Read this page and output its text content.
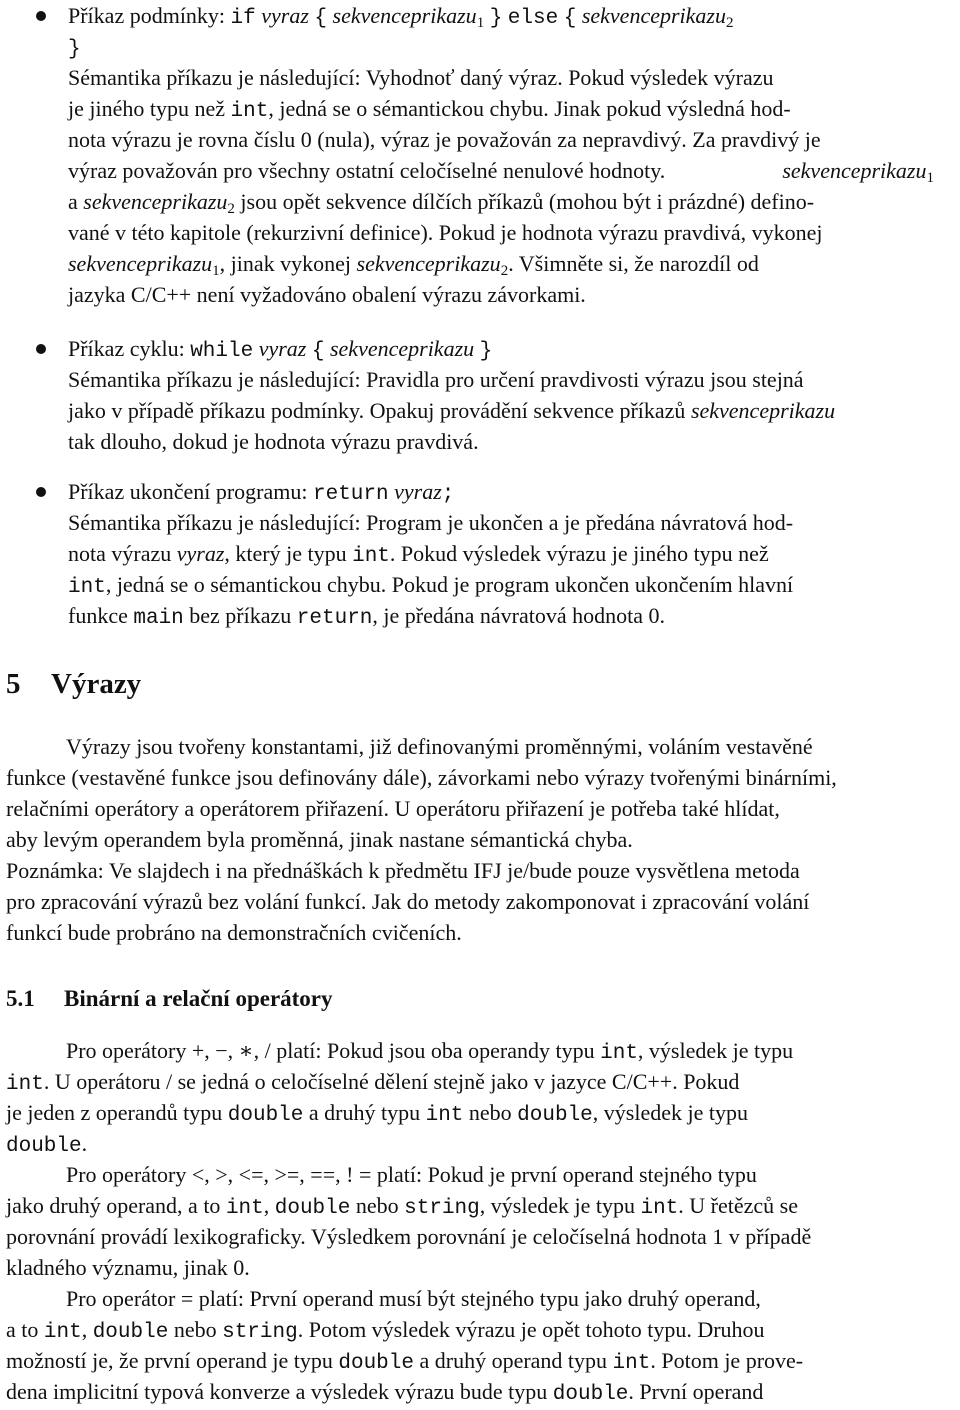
Příkaz podmínky: if vyraz { sekvenceprikazu$_1$ } else { sekvenceprikazu$_2$
}
Sémantika příkazu je následující: Vyhodnoť daný výraz. Pokud výsledek výrazu
je jiného typu než int, jedná se o sémantickou chybu. Jinak pokud výsledná hod-
nota výrazu je rovna číslu 0 (nula), výraz je považován za nepravdivý. Za pravdivý je
výraz považován pro všechny ostatní celočíselné nenulové hodnoty.	sekvenceprikazu$_1$
a sekvenceprikazu$_2$ jsou opět sekvence dílčích příkazů (mohou být i prázdné) defino-
vané v této kapitole (rekurzivní definice). Pokud je hodnota výrazu pravdivá, vykonej
sekvenceprikazu$_1$, jinak vykonej sekvenceprikazu$_2$. Všimněte si, že narozdíl od
jazyka C/C++ není vyžadováno obalení výrazu závorkami.
Příkaz cyklu: while vyraz { sekvenceprikazu }
Sémantika příkazu je následující: Pravidla pro určení pravdivosti výrazu jsou stejná
jako v případě příkazu podmínky. Opakuj provádění sekvence příkazů sekvenceprikazu
tak dlouho, dokud je hodnota výrazu pravdivá.
Příkaz ukončení programu: return vyraz;
Sémantika příkazu je následující: Program je ukončen a je předána návratová hod-
nota výrazu vyraz, který je typu int. Pokud výsledek výrazu je jiného typu než
int, jedná se o sémantickou chybu. Pokud je program ukončen ukončením hlavní
funkce main bez příkazu return, je předána návratová hodnota 0.
5 Výrazy
Výrazy jsou tvořeny konstantami, již definovanými proměnnými, voláním vestavěné
funkce (vestavěné funkce jsou definovány dále), závorkami nebo výrazy tvořenými binárními,
relačními operátory a operátorem přiřazení. U operátoru přiřazení je potřeba také hlídat,
aby levým operandem byla proměnná, jinak nastane sémantická chyba.
Poznámka: Ve slajdech i na přednáškách k předmětu IFJ je/bude pouze vysvětlena metoda
pro zpracování výrazů bez volání funkcí. Jak do metody zakomponovat i zpracování volání
funkcí bude probráno na demonstračních cvičeních.
5.1 Binární a relační operátory
Pro operátory +, −, ∗, / platí: Pokud jsou oba operandy typu int, výsledek je typu
int. U operátoru / se jedná o celočíselné dělení stejně jako v jazyce C/C++. Pokud
je jeden z operandů typu double a druhý typu int nebo double, výsledek je typu
double.
Pro operátory <, >, <=, >=, ==, ! = platí: Pokud je první operand stejného typu
jako druhý operand, a to int, double nebo string, výsledek je typu int. U řetězců se
porovnání provádí lexikograficky. Výsledkem porovnání je celočíselná hodnota 1 v případě
kladného významu, jinak 0.
Pro operátor = platí: První operand musí být stejného typu jako druhý operand,
a to int, double nebo string. Potom výsledek výrazu je opět tohoto typu. Druhou
možností je, že první operand je typu double a druhý operand typu int. Potom je prove-
dena implicitní typová konverze a výsledek výrazu bude typu double. První operand
